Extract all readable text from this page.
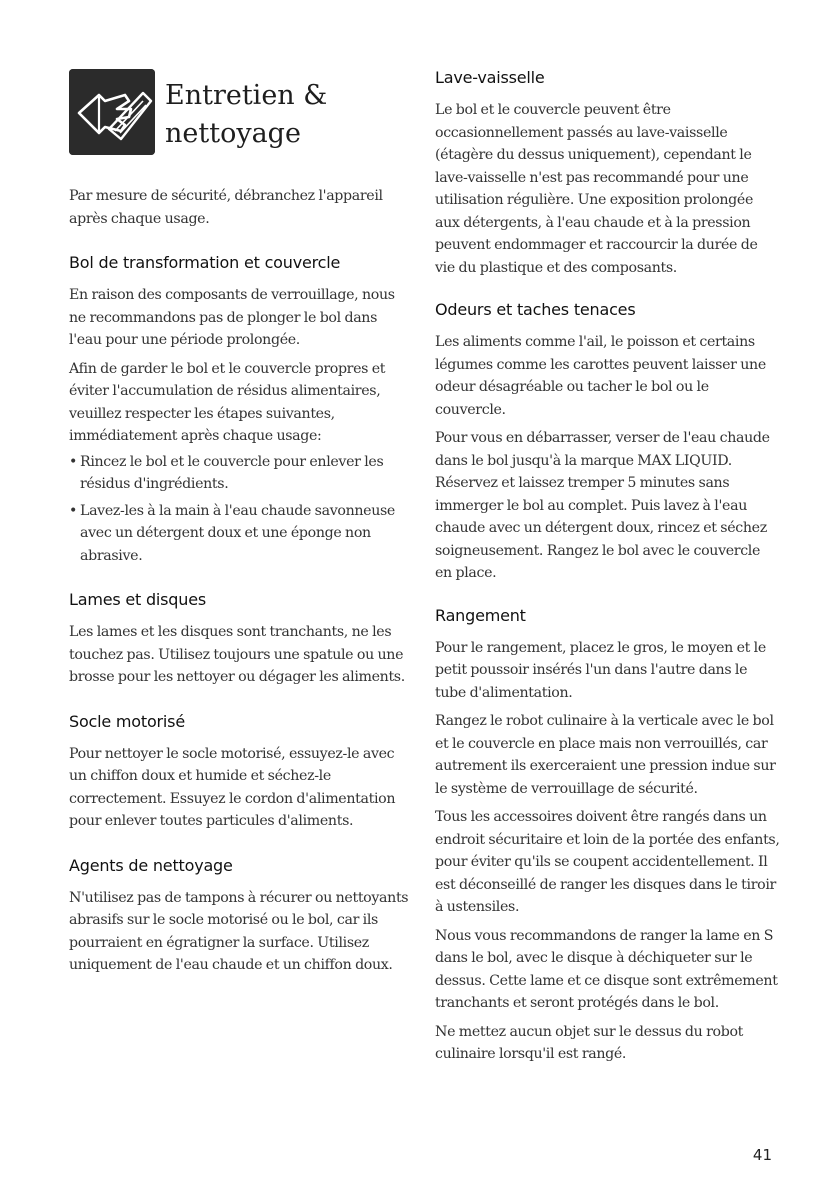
Entretien &
nettoyage

Par mesure de sécurité, débranchez l'appareil après chaque usage.

Bol de transformation et couvercle

En raison des composants de verrouillage, nous ne recommandons pas de plonger le bol dans l'eau pour une période prolongée.

Afin de garder le bol et le couvercle propres et éviter l'accumulation de résidus alimentaires, veuillez respecter les étapes suivantes, immédiatement après chaque usage:

• Rincez le bol et le couvercle pour enlever les résidus d'ingrédients.
• Lavez-les à la main à l'eau chaude savonneuse avec un détergent doux et une éponge non abrasive.
Lames et disques

Les lames et les disques sont tranchants, ne les touchez pas. Utilisez toujours une spatule ou une brosse pour les nettoyer ou dégager les aliments.

Socle motorisé

Pour nettoyer le socle motorisé, essuyez-le avec un chiffon doux et humide et séchez-le correctement. Essuyez le cordon d'alimentation pour enlever toutes particules d'aliments.

Agents de nettoyage

N'utilisez pas de tampons à récurer ou nettoyants abrasifs sur le socle motorisé ou le bol, car ils pourraient en égratigner la surface. Utilisez uniquement de l'eau chaude et un chiffon doux.

Lave-vaisselle

Le bol et le couvercle peuvent être occasionnellement passés au lave-vaisselle (étagère du dessus uniquement), cependant le lave-vaisselle n'est pas recommandé pour une utilisation régulière. Une exposition prolongée aux détergents, à l'eau chaude et à la pression peuvent endommager et raccourcir la durée de vie du plastique et des composants.

Odeurs et taches tenaces

Les aliments comme l'ail, le poisson et certains légumes comme les carottes peuvent laisser une odeur désagréable ou tacher le bol ou le couvercle.

Pour vous en débarrasser, verser de l'eau chaude dans le bol jusqu'à la marque MAX LIQUID. Réservez et laissez tremper 5 minutes sans immerger le bol au complet. Puis lavez à l'eau chaude avec un détergent doux, rincez et séchez soigneusement. Rangez le bol avec le couvercle en place.

Rangement

Pour le rangement, placez le gros, le moyen et le petit poussoir insérés l'un dans l'autre dans le tube d'alimentation.

Rangez le robot culinaire à la verticale avec le bol et le couvercle en place mais non verrouillés, car autrement ils exerceraient une pression indue sur le système de verrouillage de sécurité.

Tous les accessoires doivent être rangés dans un endroit sécuritaire et loin de la portée des enfants, pour éviter qu'ils se coupent accidentellement. Il est déconseillé de ranger les disques dans le tiroir à ustensiles.

Nous vous recommandons de ranger la lame en S dans le bol, avec le disque à déchiqueter sur le dessus. Cette lame et ce disque sont extrêmement tranchants et seront protégés dans le bol.

Ne mettez aucun objet sur le dessus du robot culinaire lorsqu'il est rangé.

41
